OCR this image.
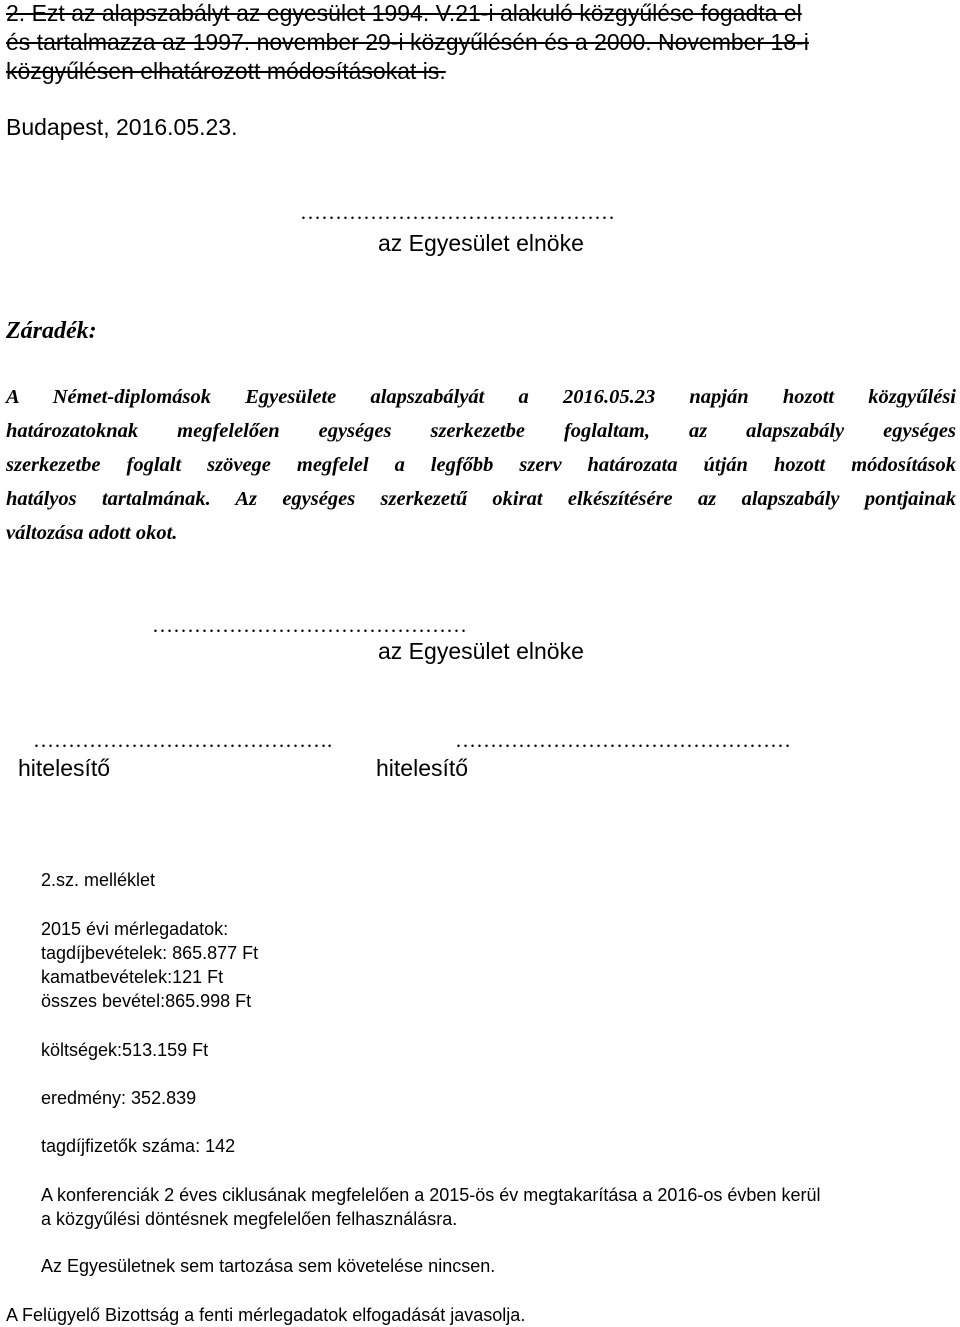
2. Ezt az alapszabályt az egyesület 1994. V.21-i alakuló közgyűlése fogadta el
és tartalmazza az 1997. november 29-i közgyűlésén és a 2000. November 18-i
közgyűlésen elhatározott módosításokat is.
Budapest, 2016.05.23.
………………………………………
az Egyesület elnöke
Záradék:
A Német-diplomások Egyesülete alapszabályát a 2016.05.23 napján hozott közgyűlési
határozatoknak megfelelően egységes szerkezetbe foglaltam, az alapszabály egységes
szerkezetbe foglalt szövege megfelel a legfőbb szerv határozata útján hozott módosítások
hatályos tartalmának. Az egységes szerkezetű okirat elkészítésére az alapszabály pontjainak
változása adott okot.
………………………………………
az Egyesület elnöke
…………………………………….
hitelesítő
…………………………………………
hitelesítő
2.sz. melléklet
2015 évi mérlegadatok:
tagdíjbevételek: 865.877 Ft
kamatbevételek:121 Ft
összes bevétel:865.998 Ft
költségek:513.159 Ft
eredmény: 352.839
tagdíjfizetők száma: 142
A konferenciák 2 éves ciklusának megfelelően a 2015-ös év megtakarítása a 2016-os évben kerül
a közgyűlési döntésnek megfelelően felhasználásra.
Az Egyesületnek sem tartozása sem követelése nincsen.
A Felügyelő Bizottság a fenti mérlegadatok elfogadását javasolja.
